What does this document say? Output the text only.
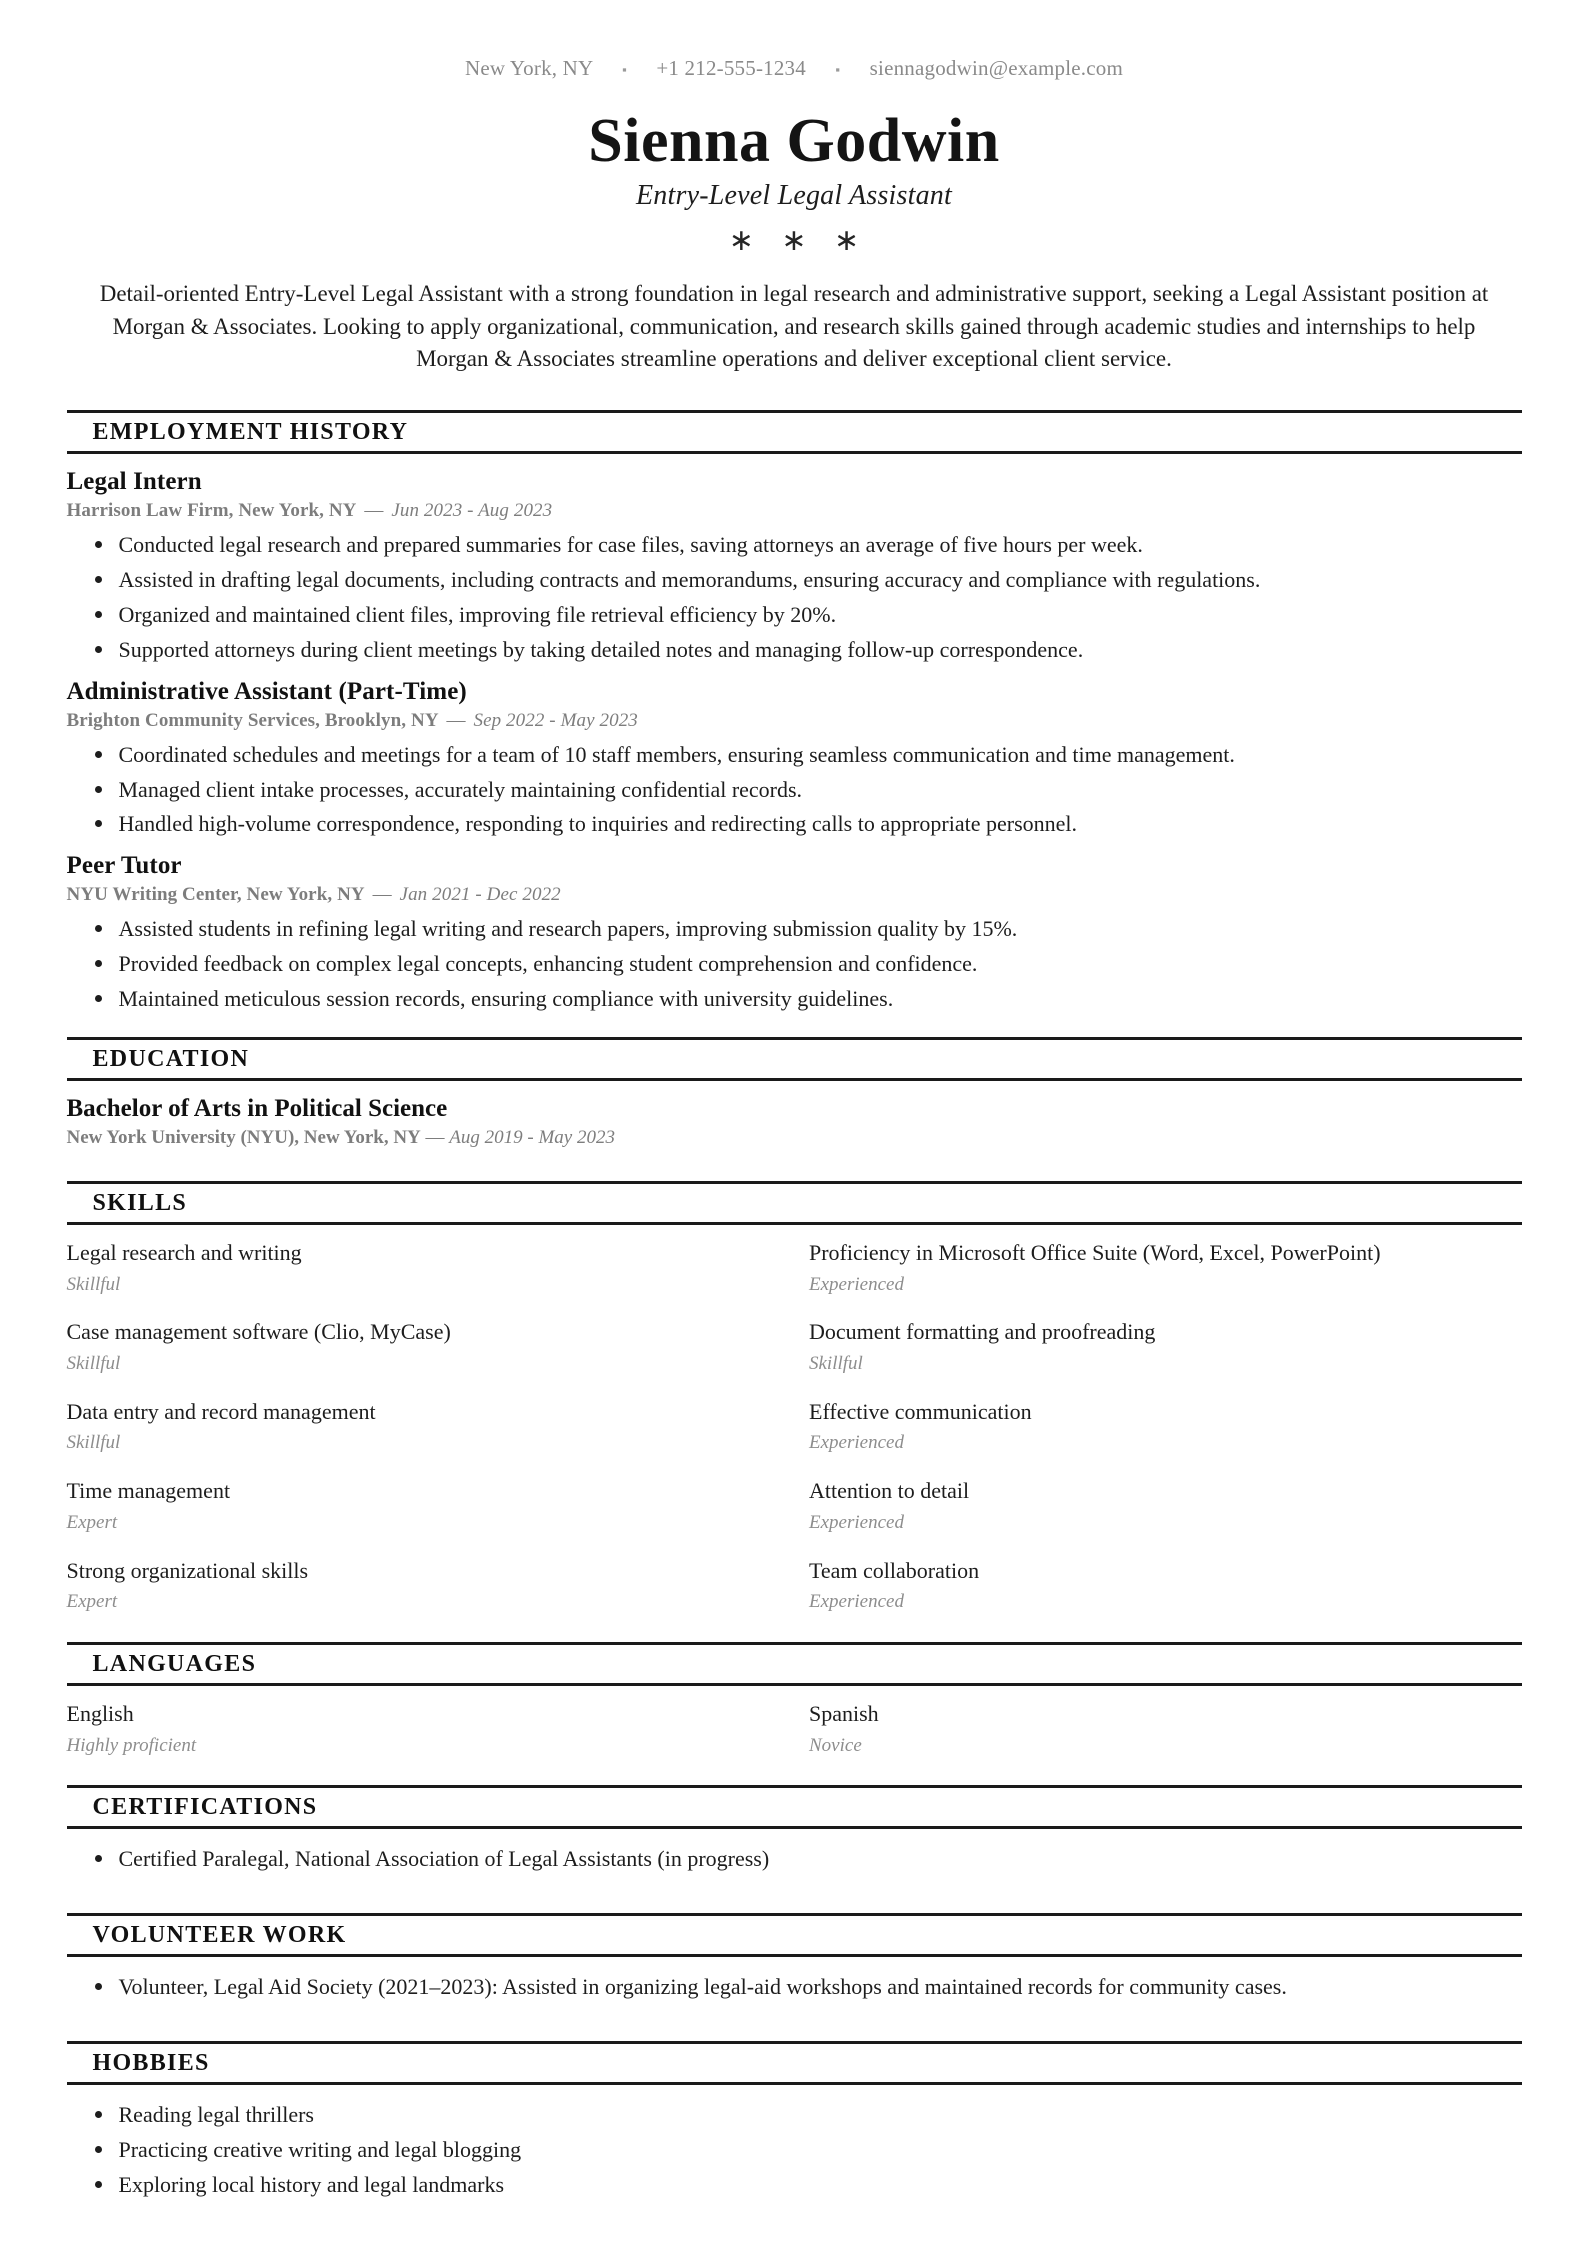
New York, NY ▪ +1 212-555-1234 ▪ siennagodwin@example.com
Sienna Godwin
Entry-Level Legal Assistant
∗ ∗ ∗
Detail-oriented Entry-Level Legal Assistant with a strong foundation in legal research and administrative support, seeking a Legal Assistant position at Morgan & Associates. Looking to apply organizational, communication, and research skills gained through academic studies and internships to help Morgan & Associates streamline operations and deliver exceptional client service.
EMPLOYMENT HISTORY
Legal Intern
Harrison Law Firm, New York, NY — Jun 2023 - Aug 2023
Conducted legal research and prepared summaries for case files, saving attorneys an average of five hours per week.
Assisted in drafting legal documents, including contracts and memorandums, ensuring accuracy and compliance with regulations.
Organized and maintained client files, improving file retrieval efficiency by 20%.
Supported attorneys during client meetings by taking detailed notes and managing follow-up correspondence.
Administrative Assistant (Part-Time)
Brighton Community Services, Brooklyn, NY — Sep 2022 - May 2023
Coordinated schedules and meetings for a team of 10 staff members, ensuring seamless communication and time management.
Managed client intake processes, accurately maintaining confidential records.
Handled high-volume correspondence, responding to inquiries and redirecting calls to appropriate personnel.
Peer Tutor
NYU Writing Center, New York, NY — Jan 2021 - Dec 2022
Assisted students in refining legal writing and research papers, improving submission quality by 15%.
Provided feedback on complex legal concepts, enhancing student comprehension and confidence.
Maintained meticulous session records, ensuring compliance with university guidelines.
EDUCATION
Bachelor of Arts in Political Science
New York University (NYU), New York, NY — Aug 2019 - May 2023
SKILLS
Legal research and writing
Skillful
Proficiency in Microsoft Office Suite (Word, Excel, PowerPoint)
Experienced
Case management software (Clio, MyCase)
Skillful
Document formatting and proofreading
Skillful
Data entry and record management
Skillful
Effective communication
Experienced
Time management
Expert
Attention to detail
Experienced
Strong organizational skills
Expert
Team collaboration
Experienced
LANGUAGES
English
Highly proficient
Spanish
Novice
CERTIFICATIONS
Certified Paralegal, National Association of Legal Assistants (in progress)
VOLUNTEER WORK
Volunteer, Legal Aid Society (2021–2023): Assisted in organizing legal-aid workshops and maintained records for community cases.
HOBBIES
Reading legal thrillers
Practicing creative writing and legal blogging
Exploring local history and legal landmarks
